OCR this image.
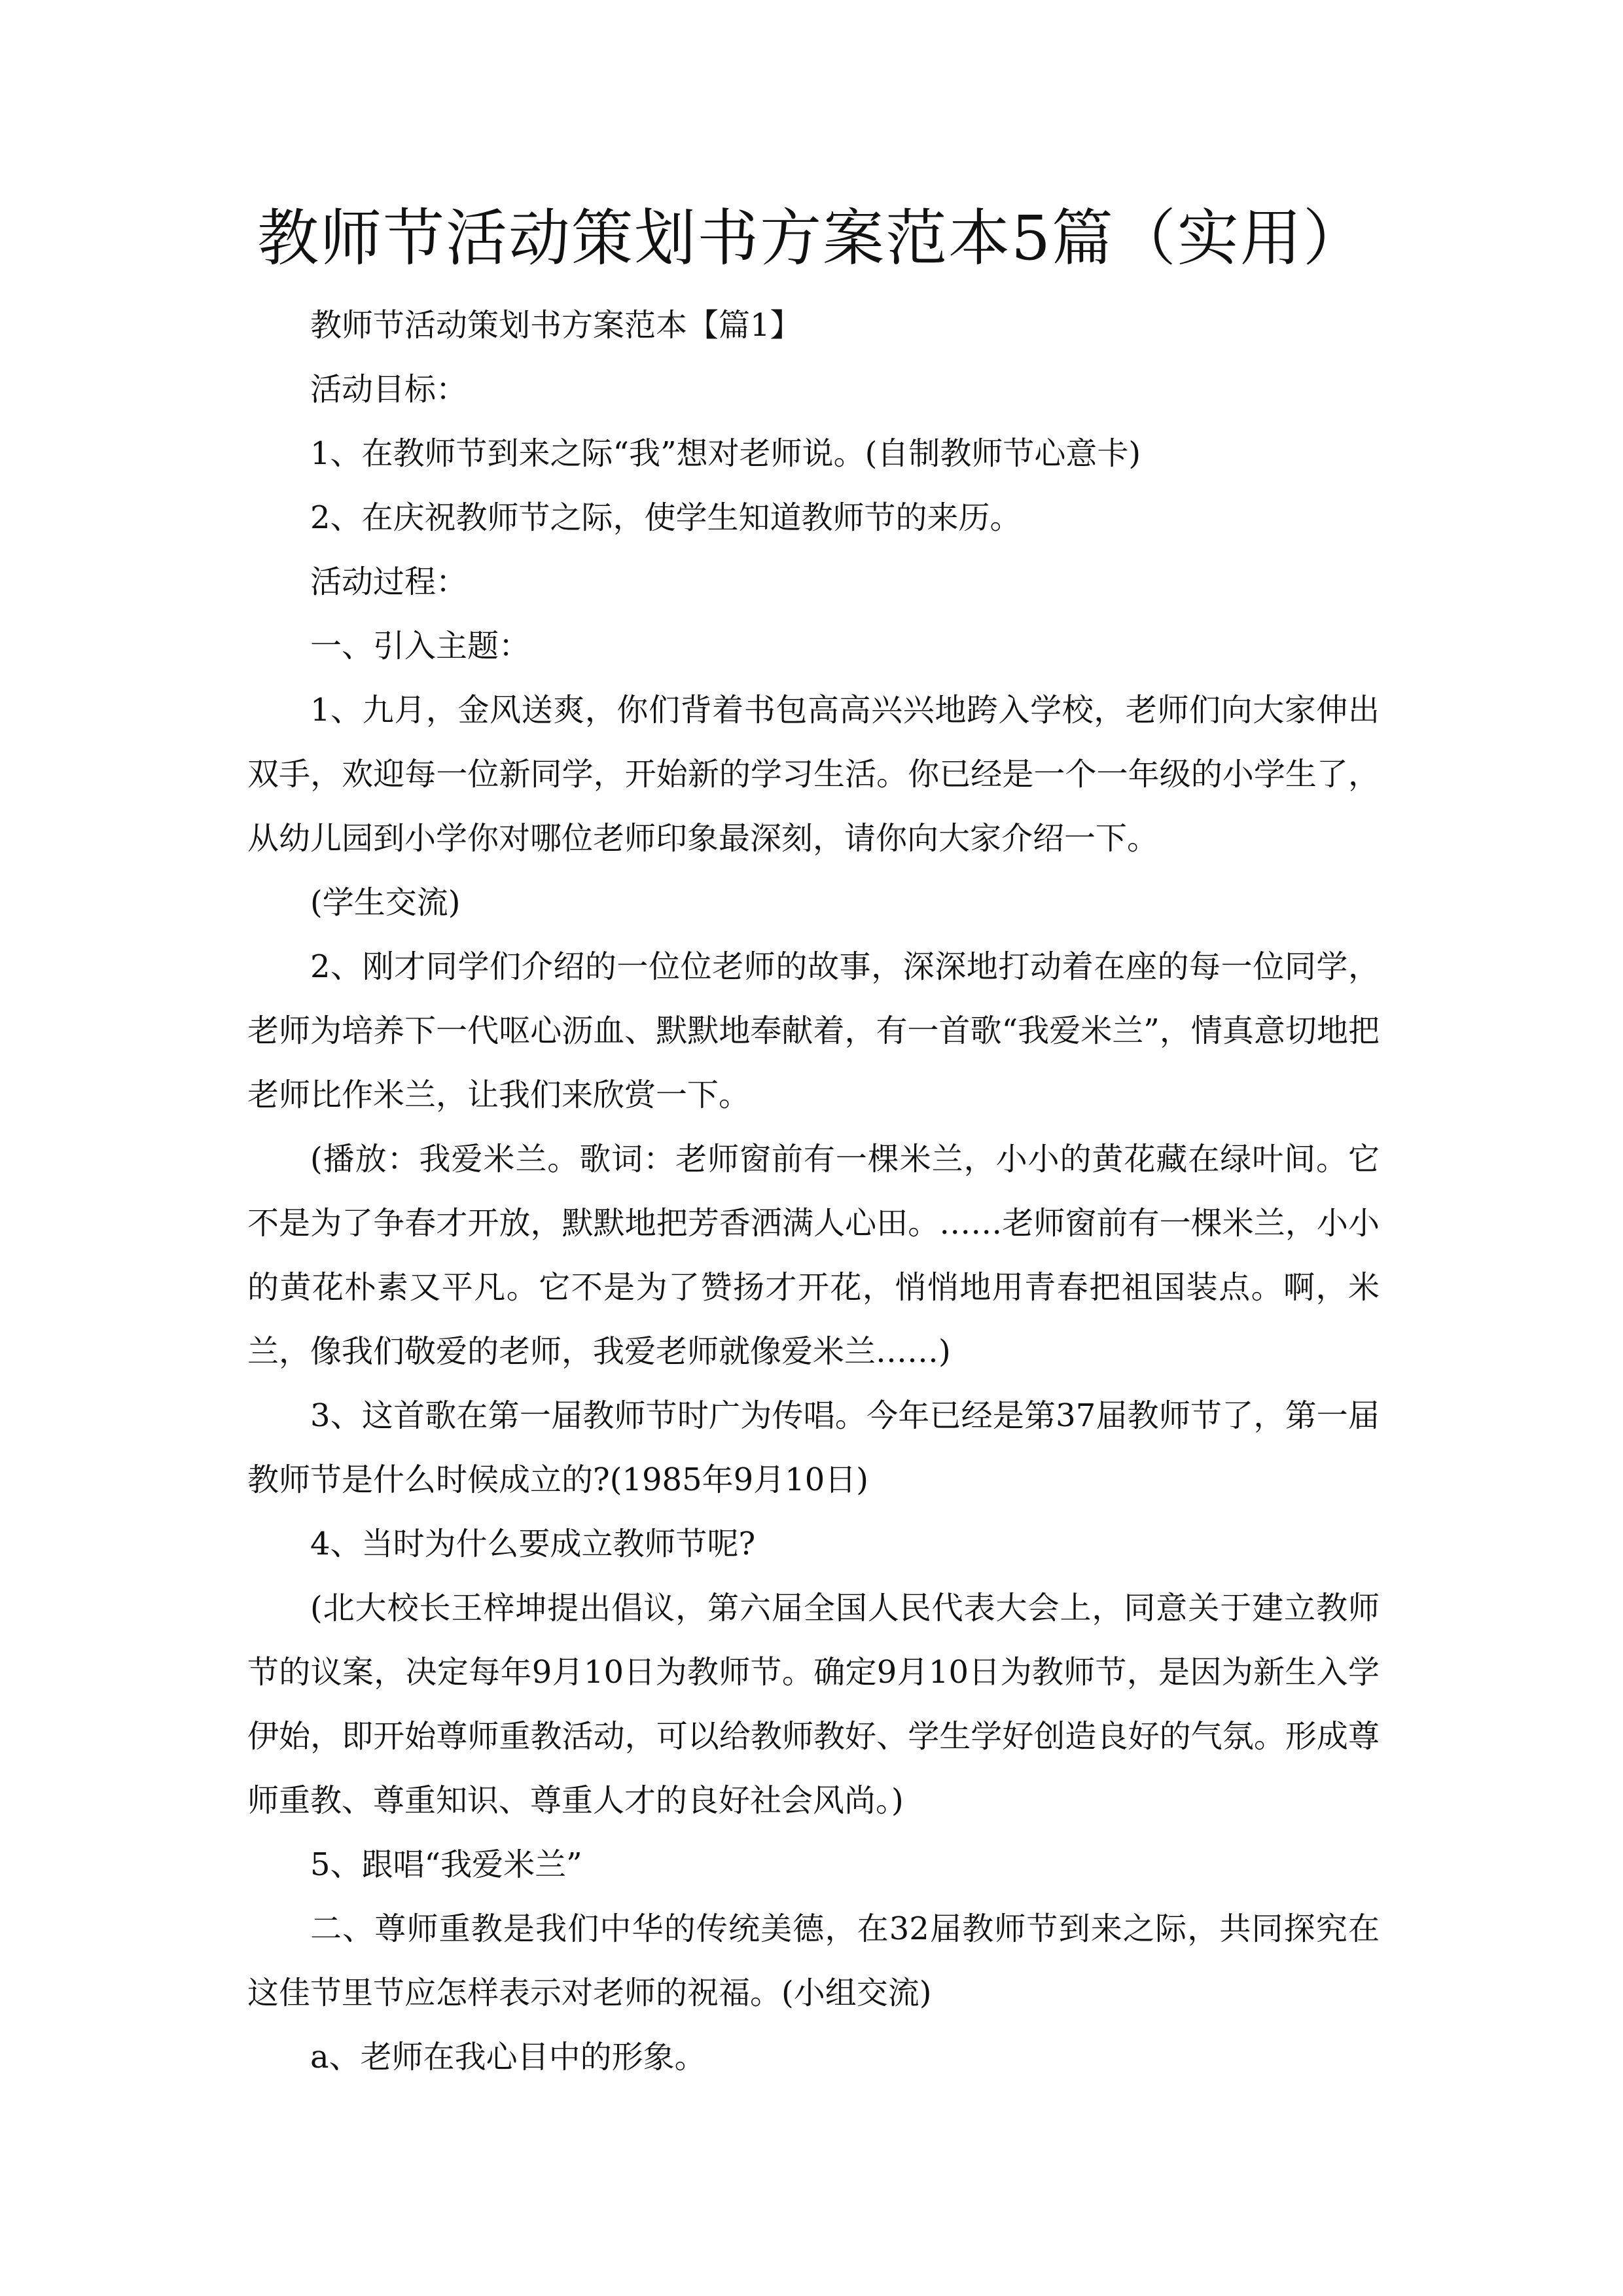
教师节活动策划书方案范本5篇（实用）

教师节活动策划书方案范本【篇1】

活动目标：

1、在教师节到来之际“我”想对老师说。(自制教师节心意卡)

2、在庆祝教师节之际，使学生知道教师节的来历。

活动过程：

一、引入主题：

1、九月，金风送爽，你们背着书包高高兴兴地跨入学校，老师们向大家伸出双手，欢迎每一位新同学，开始新的学习生活。你已经是一个一年级的小学生了，从幼儿园到小学你对哪位老师印象最深刻，请你向大家介绍一下。

(学生交流)

2、刚才同学们介绍的一位位老师的故事，深深地打动着在座的每一位同学，老师为培养下一代呕心沥血、默默地奉献着，有一首歌“我爱米兰”，情真意切地把老师比作米兰，让我们来欣赏一下。

(播放：我爱米兰。歌词：老师窗前有一棵米兰，小小的黄花藏在绿叶间。它不是为了争春才开放，默默地把芳香洒满人心田。……老师窗前有一棵米兰，小小的黄花朴素又平凡。它不是为了赞扬才开花，悄悄地用青春把祖国装点。啊，米兰，像我们敬爱的老师，我爱老师就像爱米兰……)

3、这首歌在第一届教师节时广为传唱。今年已经是第37届教师节了，第一届教师节是什么时候成立的?(1985年9月10日)

4、当时为什么要成立教师节呢?

(北大校长王梓坤提出倡议，第六届全国人民代表大会上，同意关于建立教师节的议案，决定每年9月10日为教师节。确定9月10日为教师节，是因为新生入学伊始，即开始尊师重教活动，可以给教师教好、学生学好创造良好的气氛。形成尊师重教、尊重知识、尊重人才的良好社会风尚。)

5、跟唱“我爱米兰”

二、尊师重教是我们中华的传统美德，在32届教师节到来之际，共同探究在这佳节里节应怎样表示对老师的祝福。(小组交流)

a、老师在我心目中的形象。
